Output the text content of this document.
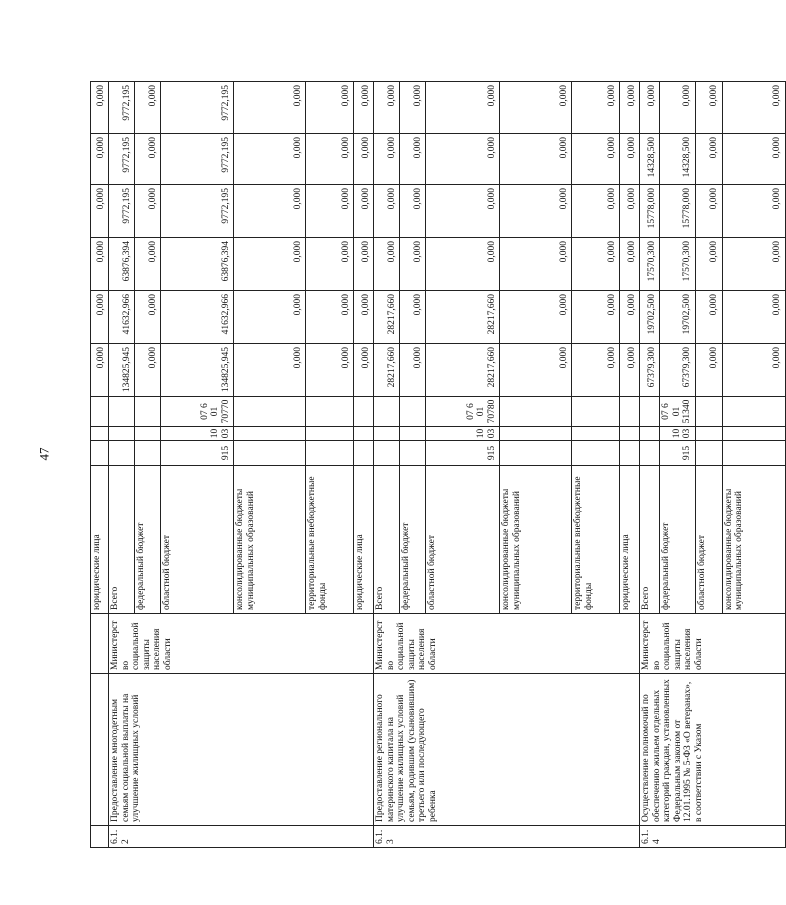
47
			юридические лица				0,000	0,000	0,000	0,000	0,000	0,000
6.1.2	Предоставление многодетным семьям социальной выплаты на улучшение жилищных условий	Министерство социальной защиты населения области	Всего				134825,945	41632,966	63876,394	9772,195	9772,195	9772,195
			федеральный бюджет				0,000	0,000	0,000	0,000	0,000	0,000
			областной бюджет	915	10 03	07 6 01 70770	134825,945	41632,966	63876,394	9772,195	9772,195	9772,195
			консолидированные бюджеты муниципальных образований				0,000	0,000	0,000	0,000	0,000	0,000
			территориальные внебюджетные фонды				0,000	0,000	0,000	0,000	0,000	0,000
			юридические лица				0,000	0,000	0,000	0,000	0,000	0,000
6.1.3	Предоставление регионального материнского капитала на улучшение жилищных условий семьям, родившим (усыновившим) третьего или последующего ребенка	Министерство социальной защиты населения области	Всего				28217,660	28217,660	0,000	0,000	0,000	0,000
			федеральный бюджет				0,000	0,000	0,000	0,000	0,000	0,000
			областной бюджет	915	10 03	07 6 01 70780	28217,660	28217,660	0,000	0,000	0,000	0,000
			консолидированные бюджеты муниципальных образований				0,000	0,000	0,000	0,000	0,000	0,000
			территориальные внебюджетные фонды				0,000	0,000	0,000	0,000	0,000	0,000
			юридические лица				0,000	0,000	0,000	0,000	0,000	0,000
6.1.4	Осуществление полномочий по обеспечению жильем отдельных категорий граждан, установленных Федеральным законом от 12.01.1995 № 5-ФЗ «О ветеранах», в соответствии с Указом	Министерство социальной защиты населения области	Всего				67379,300	19702,500	17570,300	15778,000	14328,500	0,000
			федеральный бюджет	915	10 03	07 6 01 51340	67379,300	19702,500	17570,300	15778,000	14328,500	0,000
			областной бюджет				0,000	0,000	0,000	0,000	0,000	0,000
			консолидированные бюджеты муниципальных образований				0,000	0,000	0,000	0,000	0,000	0,000
